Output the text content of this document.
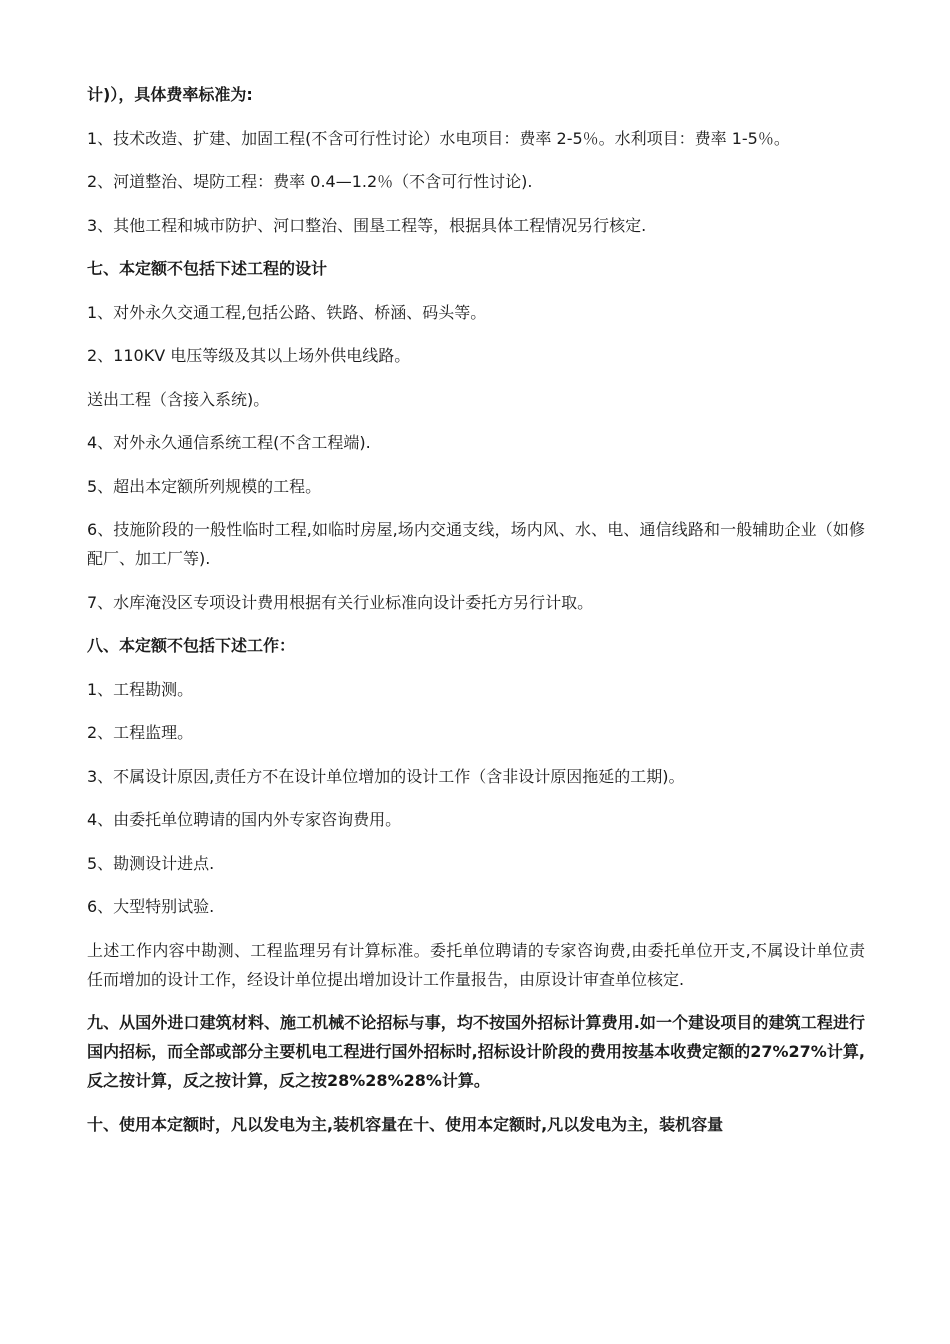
计)），具体费率标准为:

1、技术改造、扩建、加固工程(不含可行性讨论）水电项目：费率 2-5％。水利项目：费率 1-5％。

2、河道整治、堤防工程：费率 0.4—1.2％（不含可行性讨论).

3、其他工程和城市防护、河口整治、围垦工程等，根据具体工程情况另行核定.

七、本定额不包括下述工程的设计

1、对外永久交通工程,包括公路、铁路、桥涵、码头等。

2、110KV 电压等级及其以上场外供电线路。

送出工程（含接入系统)。

4、对外永久通信系统工程(不含工程端).

5、超出本定额所列规模的工程。

6、技施阶段的一般性临时工程,如临时房屋,场内交通支线，场内风、水、电、通信线路和一般辅助企业（如修配厂、加工厂等).

7、水库淹没区专项设计费用根据有关行业标准向设计委托方另行计取。

八、本定额不包括下述工作：

1、工程勘测。

2、工程监理。

3、不属设计原因,责任方不在设计单位增加的设计工作（含非设计原因拖延的工期)。

4、由委托单位聘请的国内外专家咨询费用。

5、勘测设计进点.

6、大型特别试验.

上述工作内容中勘测、工程监理另有计算标准。委托单位聘请的专家咨询费,由委托单位开支,不属设计单位责任而增加的设计工作，经设计单位提出增加设计工作量报告，由原设计审查单位核定.

九、从国外进口建筑材料、施工机械不论招标与事，均不按国外招标计算费用.如一个建设项目的建筑工程进行国内招标，而全部或部分主要机电工程进行国外招标时,招标设计阶段的费用按基本收费定额的27%27%计算,反之按计算，反之按计算，反之按28%28%28%计算。

十、使用本定额时，凡以发电为主,装机容量在十、使用本定额时,凡以发电为主，装机容量
